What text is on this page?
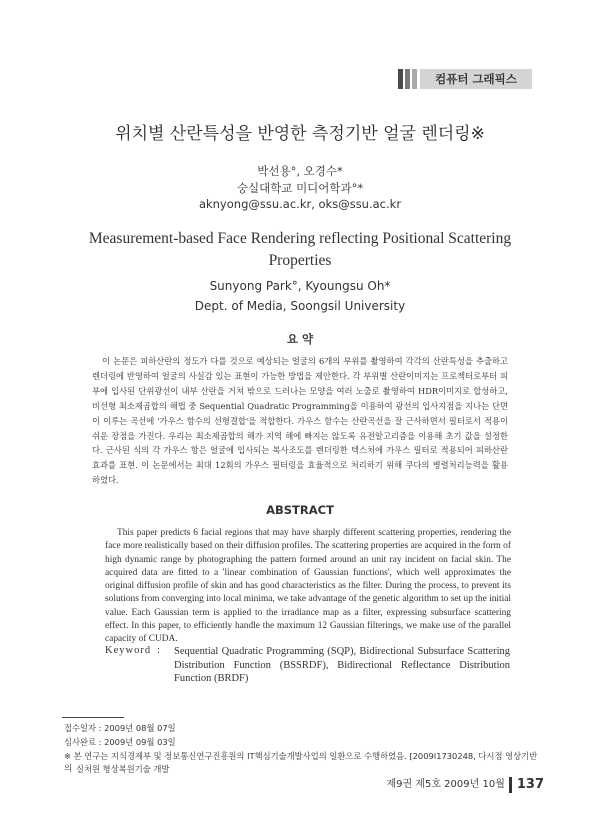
컴퓨터 그래픽스
위치별 산란특성을 반영한 측정기반 얼굴 렌더링※
박선용°, 오경수*
숭실대학교 미디어학과°*
aknyong@ssu.ac.kr, oks@ssu.ac.kr
Measurement-based Face Rendering reflecting Positional Scattering Properties
Sunyong Park°, Kyoungsu Oh*
Dept. of Media, Soongsil University
요 약
이 논문은 피하산란의 정도가 다를 것으로 예상되는 얼굴의 6개의 부위를 촬영하여 각각의 산란특성을 추출하고 렌더링에 반영하여 얼굴의 사실감 있는 표현이 가능한 방법을 제안한다. 각 부위별 산란이미지는 프로젝터로부터 피부에 입사된 단위광선이 내부 산란을 거쳐 밖으로 드러나는 모양을 여러 노출로 촬영하여 HDR이미지로 합성하고, 비선형 최소제곱합의 해법 중 Sequential Quadratic Programming을 이용하여 광선의 입사지점을 지나는 단면이 이루는 곡선에 '가우스 함수의 선형결합'을 적합한다. 가우스 함수는 산란곡선을 잘 근사하면서 필터로서 적용이 쉬운 장점을 가진다. 우리는 최소제곱합의 해가 지역 해에 빠지는 않도록 유전알고리즘을 이용해 초기 값을 설정한다. 근사된 식의 각 가우스 항은 얼굴에 입사되는 복사조도를 렌더링한 텍스처에 가우스 필터로 적용되어 피하산란효과를 표현. 이 논문에서는 최대 12회의 가우스 필터링을 효율적으로 처리하기 위해 쿠다의 병렬처리능력을 활용하였다.
ABSTRACT
This paper predicts 6 facial regions that may have sharply different scattering properties, rendering the face more realistically based on their diffusion profiles. The scattering properties are acquired in the form of high dynamic range by photographing the pattern formed around an unit ray incident on facial skin. The acquired data are fitted to a 'linear combination of Gaussian functions', which well approximates the original diffusion profile of skin and has good characteristics as the filter. During the process, to prevent its solutions from converging into local minima, we take advantage of the genetic algorithm to set up the initial value. Each Gaussian term is applied to the irradiance map as a filter, expressing subsurface scattering effect. In this paper, to efficiently handle the maximum 12 Gaussian filterings, we make use of the parallel capacity of CUDA.
Keyword : Sequential Quadratic Programming (SQP), Bidirectional Subsurface Scattering Distribution Function (BSSRDF), Bidirectional Reflectance Distribution Function (BRDF)
접수일자 : 2009년 08월 07일
심사완료 : 2009년 09월 03일
※ 본 연구는 지식경제부 및 정보통신연구진흥원의 IT핵심기술개발사업의 일환으로 수행하였음. [2009I1730248, 다시점 영상기반의 실처원 형상복원기술 개발
제9권 제5호 2009년 10월 137
